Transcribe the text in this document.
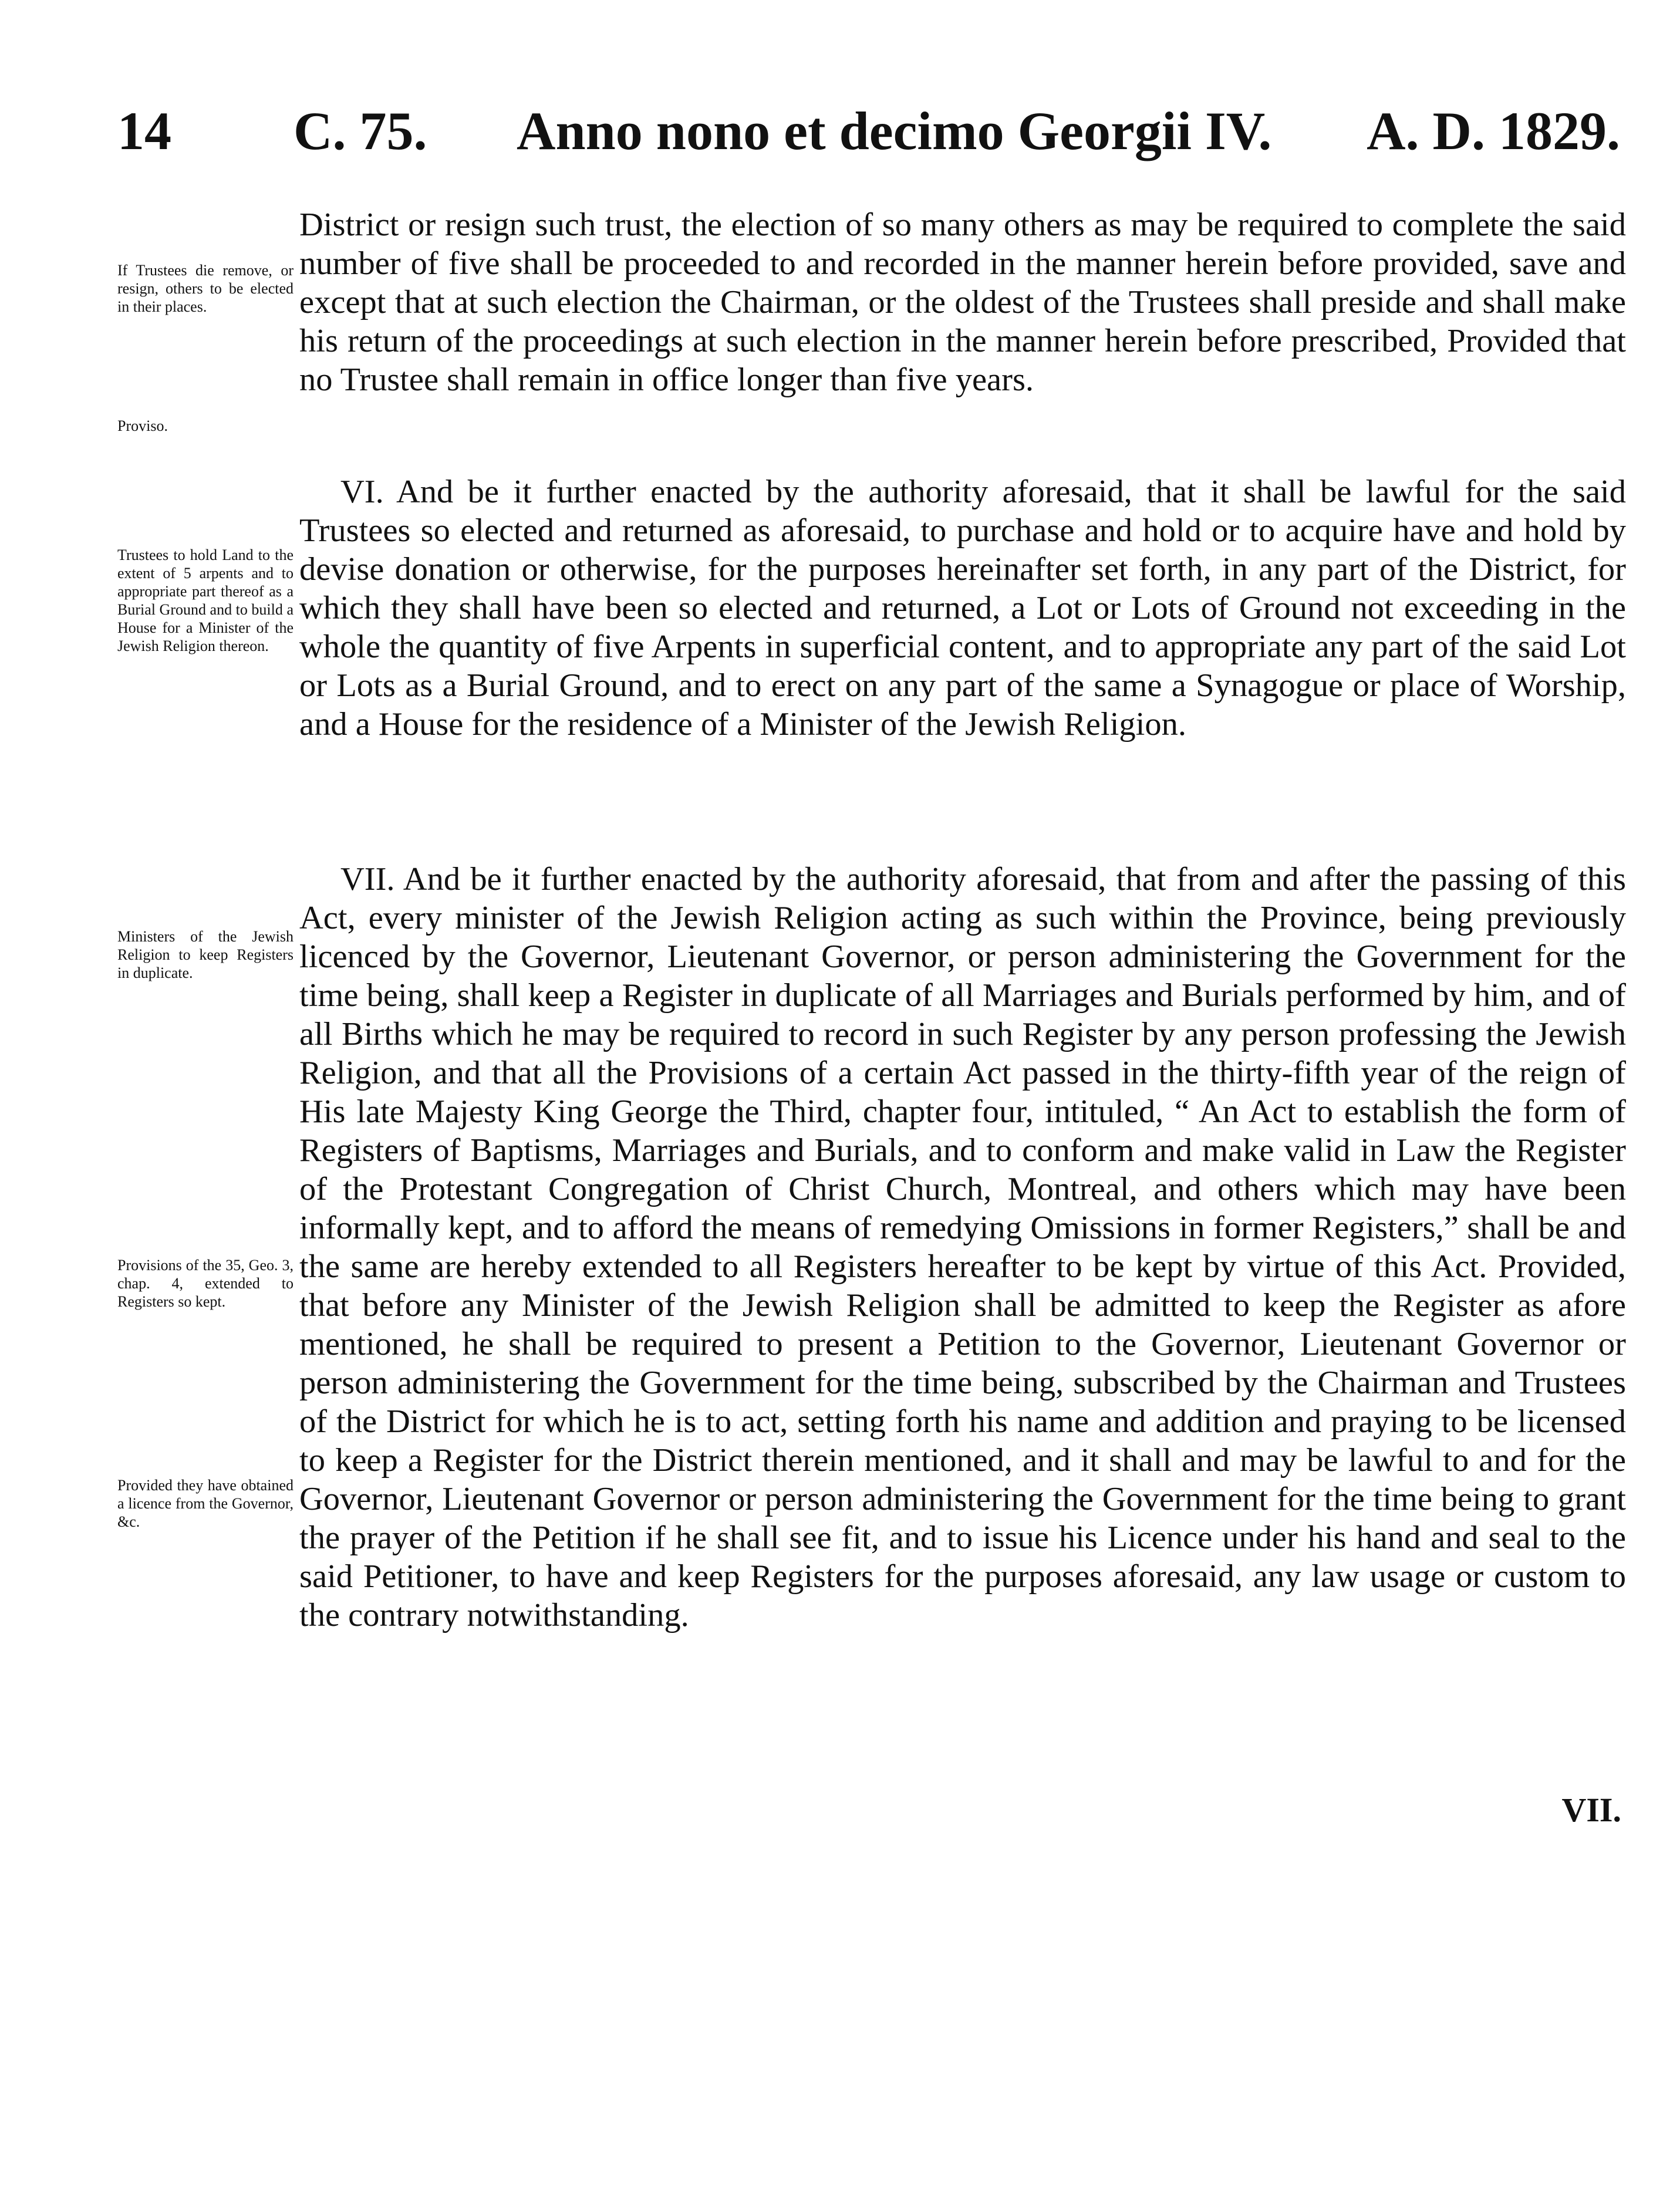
14 C. 75. Anno nono et decimo Georgii IV. A. D. 1829.

If Trustees die remove, or resign, others to be elected in their places.

Proviso.

Trustees to hold Land to the extent of 5 arpents and to appropriate part thereof as a Burial Ground and to build a House for a Minister of the Jewish Religion thereon.

Ministers of the Jewish Religion to keep Registers in duplicate.

Provisions of the 35, Geo. 3, chap. 4, extended to Registers so kept.

Provided they have obtained a licence from the Governor, &c.

District or resign such trust, the election of so many others as may be required to complete the said number of five shall be proceeded to and recorded in the manner herein before provided, save and except that at such election the Chairman, or the oldest of the Trustees shall preside and shall make his return of the proceedings at such election in the manner herein before prescribed, Provided that no Trustee shall remain in office longer than five years.

VI. And be it further enacted by the authority aforesaid, that it shall be lawful for the said Trustees so elected and returned as aforesaid, to purchase and hold or to acquire have and hold by devise donation or otherwise, for the purposes hereinafter set forth, in any part of the District, for which they shall have been so elected and returned, a Lot or Lots of Ground not exceeding in the whole the quantity of five Arpents in superficial content, and to appropriate any part of the said Lot or Lots as a Burial Ground, and to erect on any part of the same a Synagogue or place of Worship, and a House for the residence of a Minister of the Jewish Religion.

VII. And be it further enacted by the authority aforesaid, that from and after the passing of this Act, every minister of the Jewish Religion acting as such within the Province, being previously licenced by the Governor, Lieutenant Governor, or person administering the Government for the time being, shall keep a Register in duplicate of all Marriages and Burials performed by him, and of all Births which he may be required to record in such Register by any person professing the Jewish Religion, and that all the Provisions of a certain Act passed in the thirty-fifth year of the reign of His late Majesty King George the Third, chapter four, intituled, “ An Act to establish the form of Registers of Baptisms, Marriages and Burials, and to conform and make valid in Law the Register of the Protestant Congregation of Christ Church, Montreal, and others which may have been informally kept, and to afford the means of remedying Omissions in former Registers,” shall be and the same are hereby extended to all Registers hereafter to be kept by virtue of this Act. Provided, that before any Minister of the Jewish Religion shall be admitted to keep the Register as afore mentioned, he shall be required to present a Petition to the Governor, Lieutenant Governor or person administering the Government for the time being, subscribed by the Chairman and Trustees of the District for which he is to act, setting forth his name and addition and praying to be licensed to keep a Register for the District therein mentioned, and it shall and may be lawful to and for the Governor, Lieutenant Governor or person administering the Government for the time being to grant the prayer of the Petition if he shall see fit, and to issue his Licence under his hand and seal to the said Petitioner, to have and keep Registers for the purposes aforesaid, any law usage or custom to the contrary notwithstanding.

VII.
